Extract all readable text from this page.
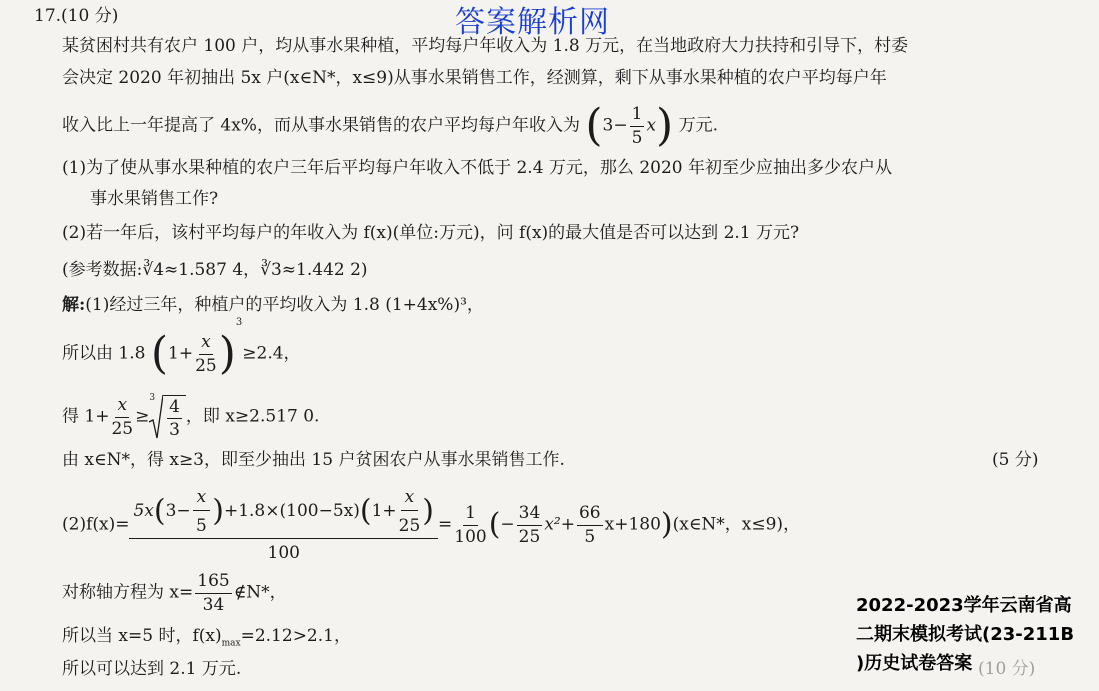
答案解析网
17.(10 分)
某贫困村共有农户 100 户，均从事水果种植，平均每户年收入为 1.8 万元，在当地政府大力扶持和引导下，村委
会决定 2020 年初抽出 5x 户(x∈N*，x≤9)从事水果销售工作，经测算，剩下从事水果种植的农户平均每户年
收入比上一年提高了 4x%，而从事水果销售的农户平均每户年收入为 $(3- \frac{1}{5} x)$ 万元.
(1)为了使从事水果种植的农户三年后平均每户年收入不低于 2.4 万元，那么 2020 年初至少应抽出多少农户从
事水果销售工作?
(2)若一年后，该村平均每户的年收入为 f(x)(单位:万元)，问 f(x)的最大值是否可以达到 2.1 万元?
(参考数据:∛4≈1.587 4，∛3≈1.442 2)
解:(1)经过三年，种植户的平均收入为 1.8 (1+4x%)³，
所以由 1.8 $(1+ \frac{x}{25} )^3\ge 2.4$，
得 $1+ \frac{x}{25}$ ≥
$3 \frac{4}{3}$ ，即 x≥2.517 0.
由 x∈N*，得 x≥3，即至少抽出 15 户贫困农户从事水果销售工作.	(5 分)
$(2)f(x)= \frac{5x(3- \frac{x}{5} )+1.8\times(100-5x)(1+ \frac{x}{25} )}{100} = \frac{1}{100}$ (− $\frac{34}{25} x^2+ \frac{66}{5}$ x+180)(x∈N*，x≤9)，
对称轴方程为 $x= \frac{165}{34}$ ∉N*，
所以当 x=5 时，$f(x)_{max}=2.12>2.1$，
所以可以达到 2.1 万元.
2022-2023学年云南省高
二期末模拟考试(23-211B
)历史试卷答案
